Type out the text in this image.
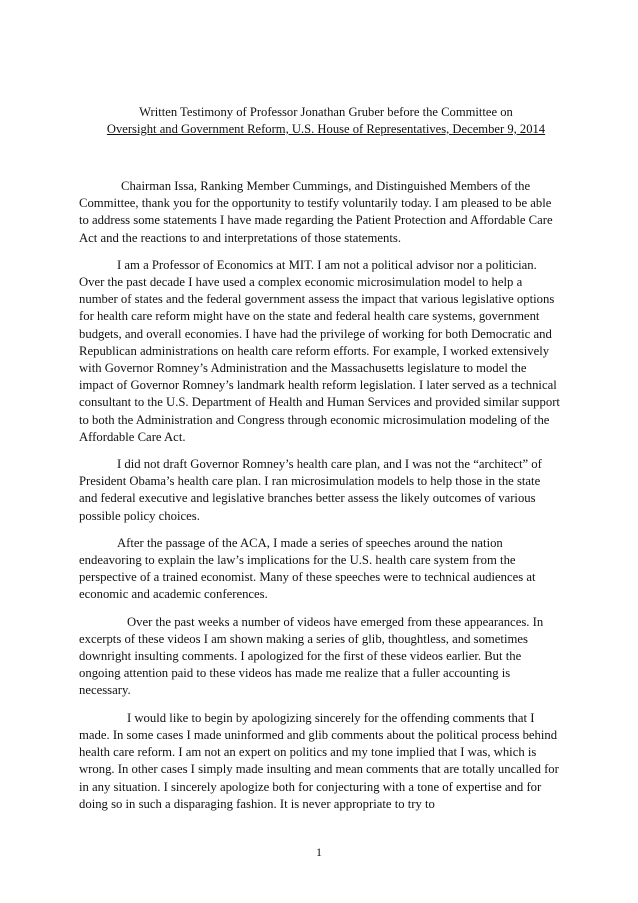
Written Testimony of Professor Jonathan Gruber before the Committee on
Oversight and Government Reform, U.S. House of Representatives, December 9, 2014

Chairman Issa, Ranking Member Cummings, and Distinguished Members of the Committee, thank you for the opportunity to testify voluntarily today. I am pleased to be able to address some statements I have made regarding the Patient Protection and Affordable Care Act and the reactions to and interpretations of those statements.

I am a Professor of Economics at MIT. I am not a political advisor nor a politician. Over the past decade I have used a complex economic microsimulation model to help a number of states and the federal government assess the impact that various legislative options for health care reform might have on the state and federal health care systems, government budgets, and overall economies. I have had the privilege of working for both Democratic and Republican administrations on health care reform efforts. For example, I worked extensively with Governor Romney’s Administration and the Massachusetts legislature to model the impact of Governor Romney’s landmark health reform legislation. I later served as a technical consultant to the U.S. Department of Health and Human Services and provided similar support to both the Administration and Congress through economic microsimulation modeling of the Affordable Care Act.

I did not draft Governor Romney’s health care plan, and I was not the “architect” of President Obama’s health care plan. I ran microsimulation models to help those in the state and federal executive and legislative branches better assess the likely outcomes of various possible policy choices.

After the passage of the ACA, I made a series of speeches around the nation endeavoring to explain the law’s implications for the U.S. health care system from the perspective of a trained economist. Many of these speeches were to technical audiences at economic and academic conferences.

Over the past weeks a number of videos have emerged from these appearances. In excerpts of these videos I am shown making a series of glib, thoughtless, and sometimes downright insulting comments. I apologized for the first of these videos earlier. But the ongoing attention paid to these videos has made me realize that a fuller accounting is necessary.

I would like to begin by apologizing sincerely for the offending comments that I made. In some cases I made uninformed and glib comments about the political process behind health care reform. I am not an expert on politics and my tone implied that I was, which is wrong. In other cases I simply made insulting and mean comments that are totally uncalled for in any situation. I sincerely apologize both for conjecturing with a tone of expertise and for doing so in such a disparaging fashion. It is never appropriate to try to

1
